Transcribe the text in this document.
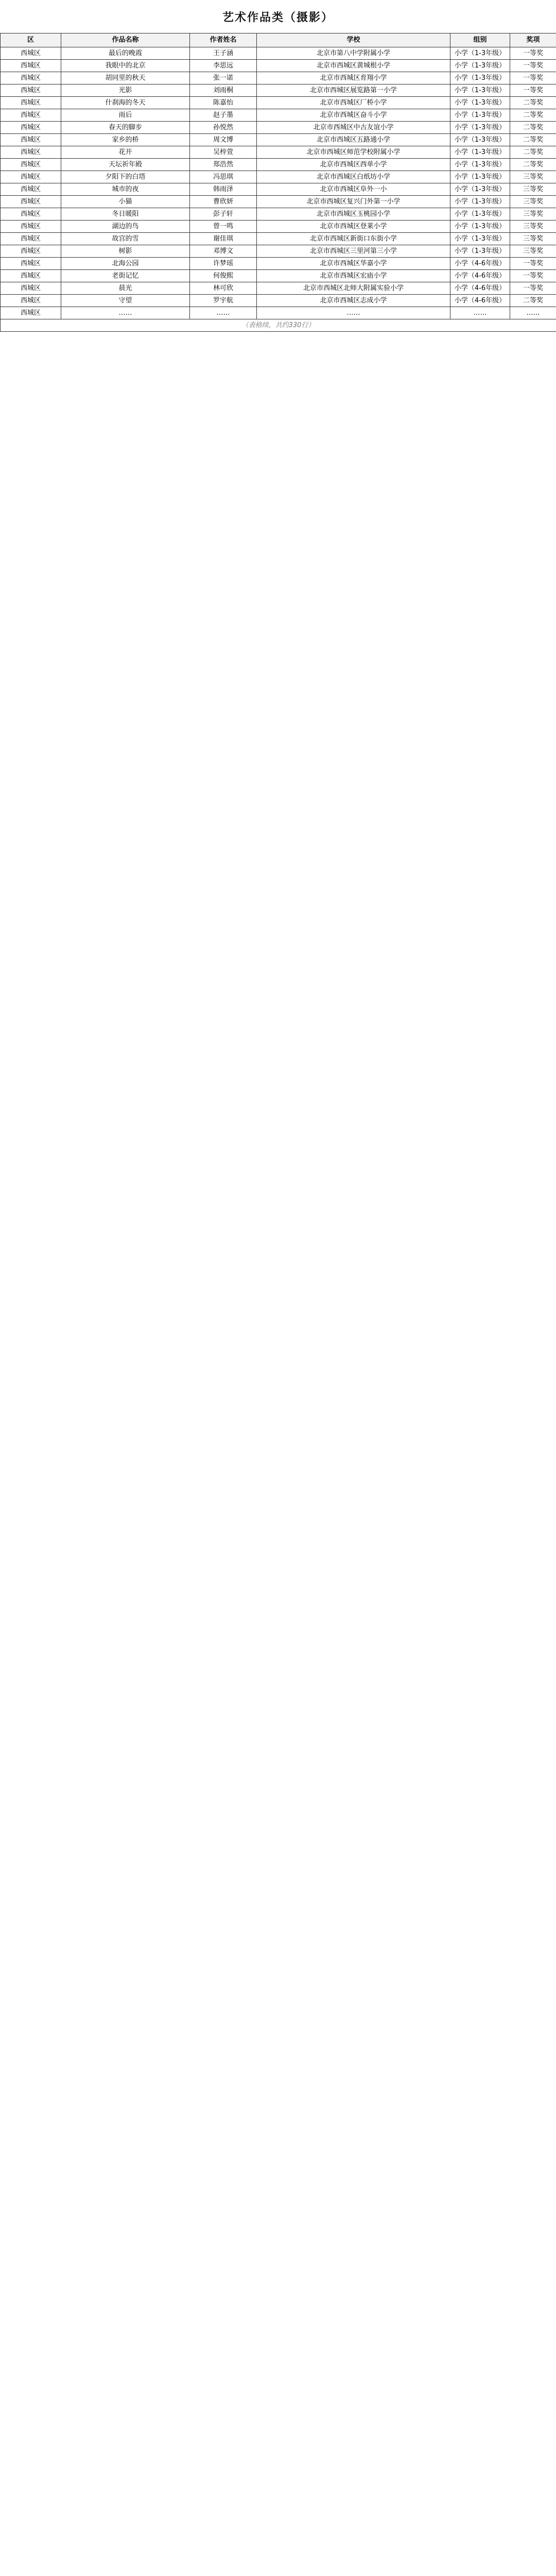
艺术作品类（摄影）
区	作品名称	作者姓名	学校	组别	奖项
西城区	最后的晚霞	王子涵	北京市第八中学附属小学	小学（1-3年级）	一等奖
西城区	我眼中的北京	李思远	北京市西城区黄城根小学	小学（1-3年级）	一等奖
西城区	胡同里的秋天	张一诺	北京市西城区育翔小学	小学（1-3年级）	一等奖
西城区	光影	刘雨桐	北京市西城区展览路第一小学	小学（1-3年级）	一等奖
西城区	什刹海的冬天	陈嘉怡	北京市西城区厂桥小学	小学（1-3年级）	二等奖
西城区	雨后	赵子墨	北京市西城区奋斗小学	小学（1-3年级）	二等奖
西城区	春天的脚步	孙悦然	北京市西城区中古友谊小学	小学（1-3年级）	二等奖
西城区	家乡的桥	周文博	北京市西城区五路通小学	小学（1-3年级）	二等奖
西城区	花开	吴梓萱	北京市西城区师范学校附属小学	小学（1-3年级）	二等奖
西城区	天坛祈年殿	郑浩然	北京市西城区西单小学	小学（1-3年级）	二等奖
西城区	夕阳下的白塔	冯思琪	北京市西城区白纸坊小学	小学（1-3年级）	三等奖
西城区	城市的夜	韩雨泽	北京市西城区阜外一小	小学（1-3年级）	三等奖
西城区	小猫	曹欣妍	北京市西城区复兴门外第一小学	小学（1-3年级）	三等奖
西城区	冬日暖阳	彭子轩	北京市西城区玉桃园小学	小学（1-3年级）	三等奖
西城区	湖边的鸟	曾一鸣	北京市西城区登莱小学	小学（1-3年级）	三等奖
西城区	故宫的雪	谢佳琪	北京市西城区新街口东街小学	小学（1-3年级）	三等奖
西城区	树影	邓博文	北京市西城区三里河第三小学	小学（1-3年级）	三等奖
西城区	北海公园	许梦瑶	北京市西城区华嘉小学	小学（4-6年级）	一等奖
西城区	老街记忆	何俊熙	北京市西城区宏庙小学	小学（4-6年级）	一等奖
西城区	晨光	林可欣	北京市西城区北师大附属实验小学	小学（4-6年级）	一等奖
西城区	守望	罗宇航	北京市西城区志成小学	小学（4-6年级）	二等奖
西城区	……	……	……	……	……
（表格续，共约330行）					
